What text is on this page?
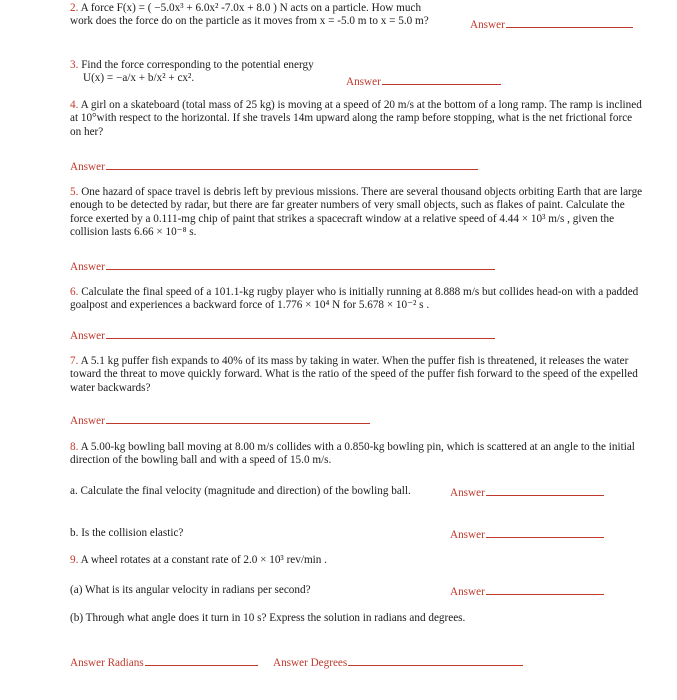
2. A force F(x) = ( −5.0x³ + 6.0x² -7.0x + 8.0 ) N acts on a particle. How much
work does the force do on the particle as it moves from x = -5.0 m to x = 5.0 m?	Answer
3. Find the force corresponding to the potential energy
U(x) = −a/x + b/x² + cx².	Answer
4. A girl on a skateboard (total mass of 25 kg) is moving at a speed of 20 m/s at the bottom of a long ramp. The ramp is inclined at 10°with respect to the horizontal. If she travels 14m upward along the ramp before stopping, what is the net frictional force on her?
Answer
5. One hazard of space travel is debris left by previous missions. There are several thousand objects orbiting Earth that are large enough to be detected by radar, but there are far greater numbers of very small objects, such as flakes of paint. Calculate the force exerted by a 0.111-mg chip of paint that strikes a spacecraft window at a relative speed of 4.44 × 10³ m/s , given the collision lasts 6.66 × 10⁻⁸ s.
Answer
6. Calculate the final speed of a 101.1-kg rugby player who is initially running at 8.888 m/s but collides head-on with a padded goalpost and experiences a backward force of 1.776 × 10⁴ N for 5.678 × 10⁻² s .
Answer
7. A 5.1 kg puffer fish expands to 40% of its mass by taking in water. When the puffer fish is threatened, it releases the water toward the threat to move quickly forward. What is the ratio of the speed of the puffer fish forward to the speed of the expelled water backwards?
Answer
8. A 5.00-kg bowling ball moving at 8.00 m/s collides with a 0.850-kg bowling pin, which is scattered at an angle to the initial direction of the bowling ball and with a speed of 15.0 m/s.
a. Calculate the final velocity (magnitude and direction) of the bowling ball.	Answer
b. Is the collision elastic?	Answer
9. A wheel rotates at a constant rate of 2.0 × 10³ rev/min .
(a) What is its angular velocity in radians per second?	Answer
(b) Through what angle does it turn in 10 s? Express the solution in radians and degrees.
Answer Radians	Answer Degrees
